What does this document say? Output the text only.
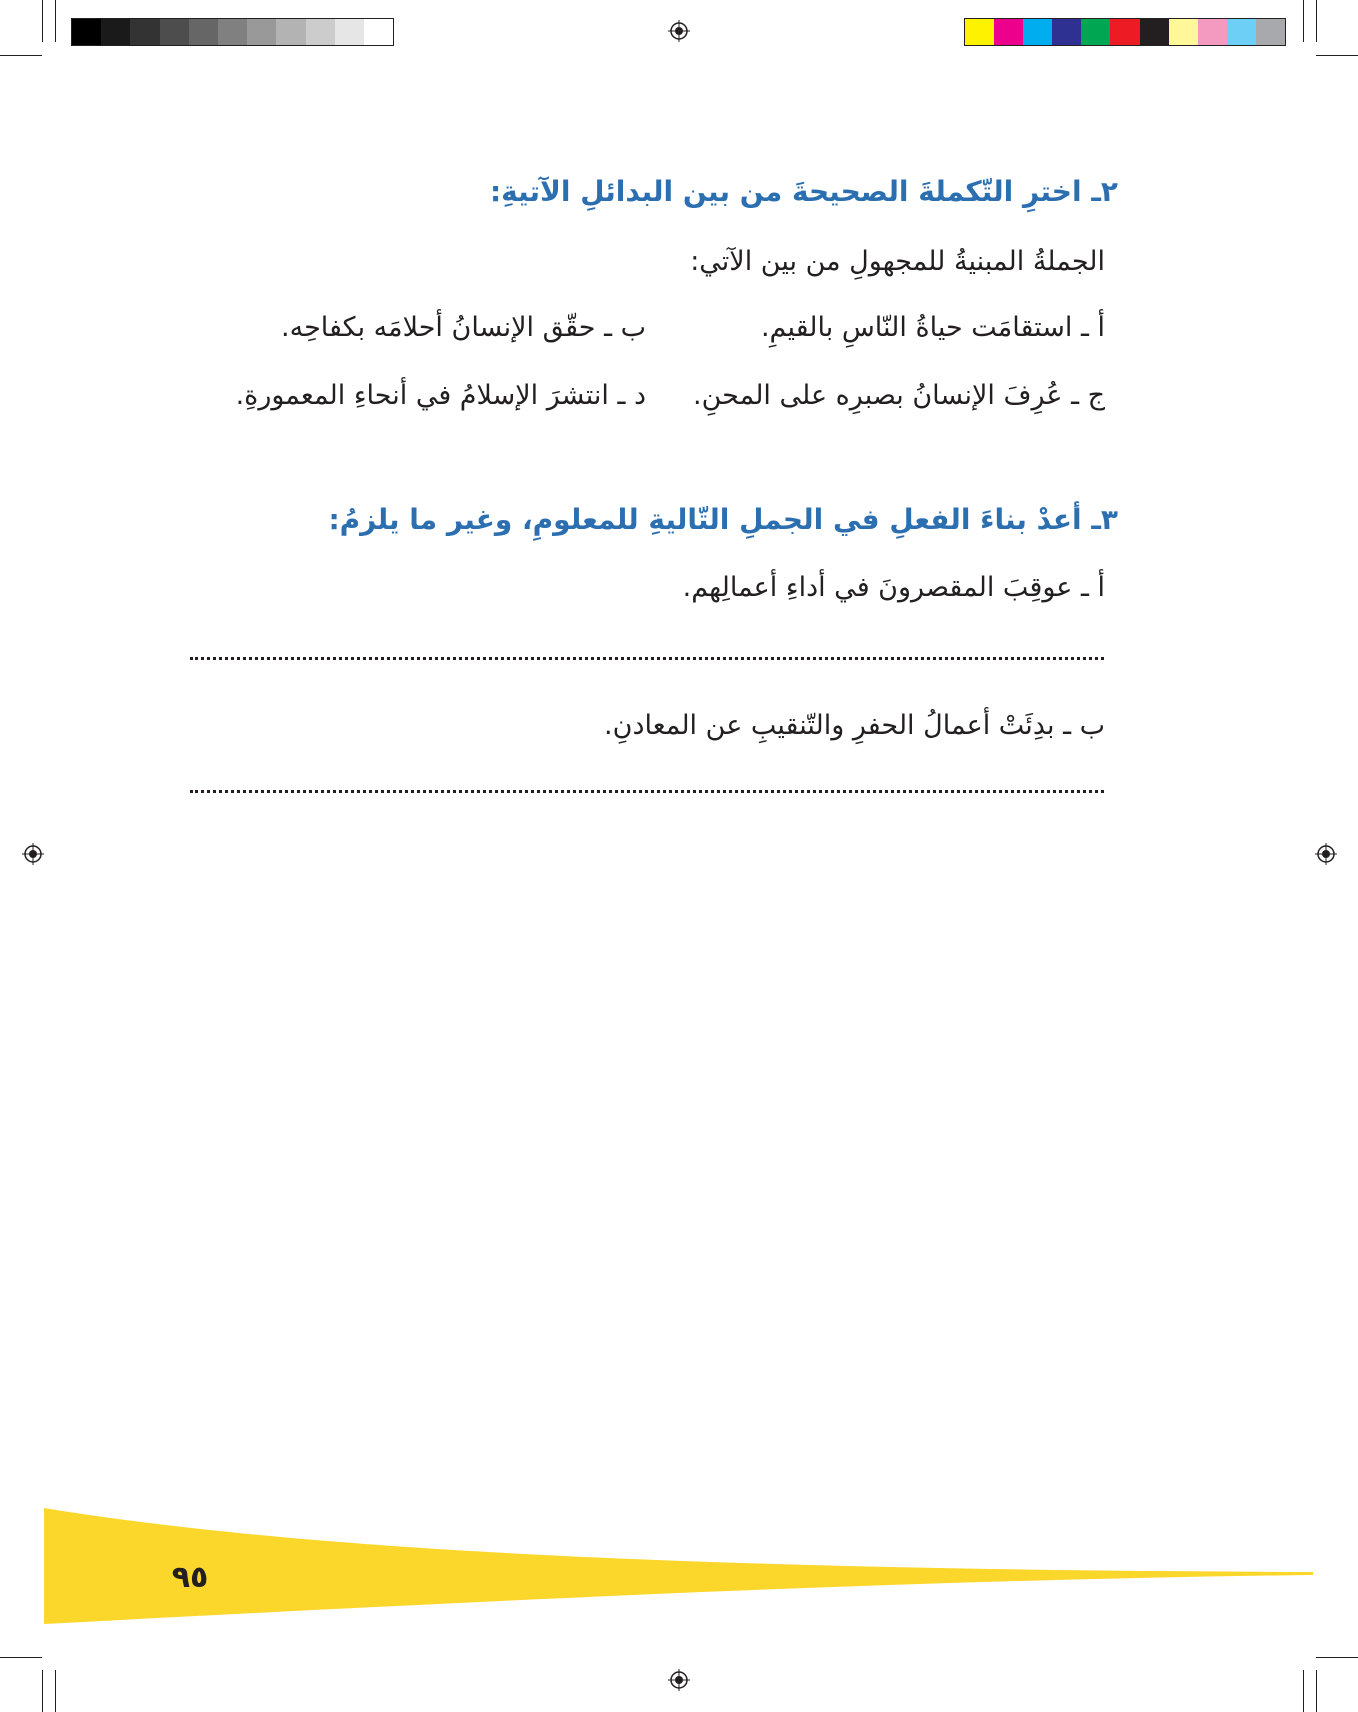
٢ـ اخترِ التّكملةَ الصحيحةَ من بين البدائلِ الآتيةِ:
الجملةُ المبنيةُ للمجهولِ من بين الآتي:
أ ـ استقامَت حياةُ النّاسِ بالقيمِ.
ب ـ حقّق الإنسانُ أحلامَه بكفاحِه.
ج ـ عُرِفَ الإنسانُ بصبرِه على المحنِ.
د ـ انتشرَ الإسلامُ في أنحاءِ المعمورةِ.
٣ـ أعدْ بناءَ الفعلِ في الجملِ التّاليةِ للمعلومِ، وغير ما يلزمُ:
أ ـ عوقِبَ المقصرونَ في أداءِ أعمالِهم.
ب ـ بدِئَتْ أعمالُ الحفرِ والتّنقيبِ عن المعادنِ.
٩٥
